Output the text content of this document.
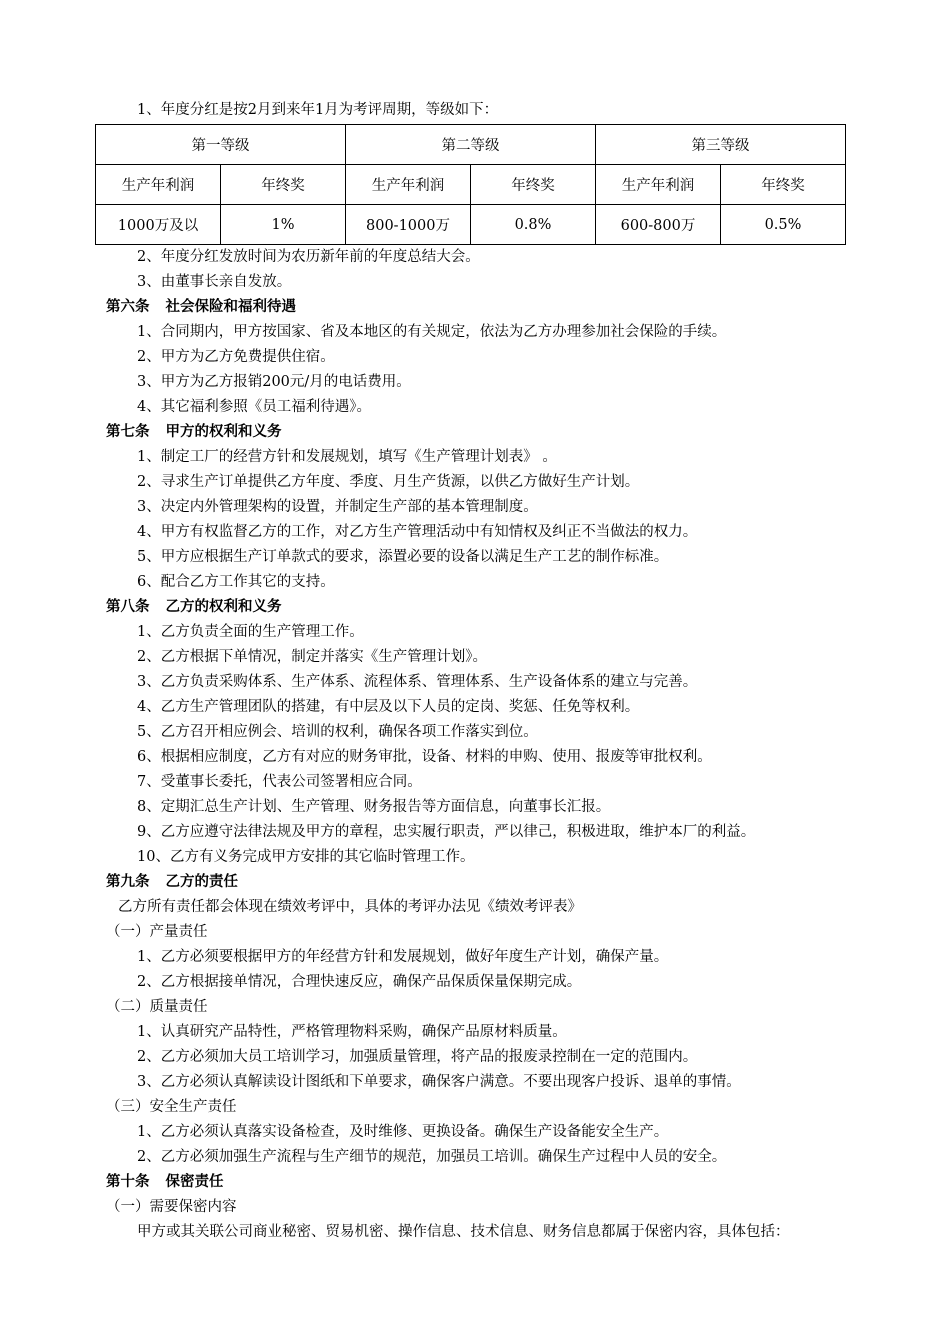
1、年度分红是按2月到来年1月为考评周期，等级如下：
第一等级		第二等级		第三等级	
生产年利润	年终奖	生产年利润	年终奖	生产年利润	年终奖
1000万及以	1%	800-1000万	0.8%	600-800万	0.5%
2、年度分红发放时间为农历新年前的年度总结大会。
3、由董事长亲自发放。
第六条 社会保险和福利待遇
1、合同期内，甲方按国家、省及本地区的有关规定，依法为乙方办理参加社会保险的手续。
2、甲方为乙方免费提供住宿。
3、甲方为乙方报销200元/月的电话费用。
4、其它福利参照《员工福利待遇》。
第七条 甲方的权利和义务
1、制定工厂的经营方针和发展规划，填写《生产管理计划表》 。
2、寻求生产订单提供乙方年度、季度、月生产货源，以供乙方做好生产计划。
3、决定内外管理架构的设置，并制定生产部的基本管理制度。
4、甲方有权监督乙方的工作，对乙方生产管理活动中有知情权及纠正不当做法的权力。
5、甲方应根据生产订单款式的要求，添置必要的设备以满足生产工艺的制作标准。
6、配合乙方工作其它的支持。
第八条 乙方的权利和义务
1、乙方负责全面的生产管理工作。
2、乙方根据下单情况，制定并落实《生产管理计划》。
3、乙方负责采购体系、生产体系、流程体系、管理体系、生产设备体系的建立与完善。
4、乙方生产管理团队的搭建，有中层及以下人员的定岗、奖惩、任免等权利。
5、乙方召开相应例会、培训的权利，确保各项工作落实到位。
6、根据相应制度，乙方有对应的财务审批，设备、材料的申购、使用、报废等审批权利。
7、受董事长委托，代表公司签署相应合同。
8、定期汇总生产计划、生产管理、财务报告等方面信息，向董事长汇报。
9、乙方应遵守法律法规及甲方的章程，忠实履行职责，严以律己，积极进取，维护本厂的利益。
10、乙方有义务完成甲方安排的其它临时管理工作。
第九条 乙方的责任
乙方所有责任都会体现在绩效考评中，具体的考评办法见《绩效考评表》
（一）产量责任
1、乙方必须要根据甲方的年经营方针和发展规划，做好年度生产计划，确保产量。
2、乙方根据接单情况，合理快速反应，确保产品保质保量保期完成。
（二）质量责任
1、认真研究产品特性，严格管理物料采购，确保产品原材料质量。
2、乙方必须加大员工培训学习，加强质量管理，将产品的报废录控制在一定的范围内。
3、乙方必须认真解读设计图纸和下单要求，确保客户满意。不要出现客户投诉、退单的事情。
（三）安全生产责任
1、乙方必须认真落实设备检查，及时维修、更换设备。确保生产设备能安全生产。
2、乙方必须加强生产流程与生产细节的规范，加强员工培训。确保生产过程中人员的安全。
第十条 保密责任
（一）需要保密内容
甲方或其关联公司商业秘密、贸易机密、操作信息、技术信息、财务信息都属于保密内容，具体包括：
